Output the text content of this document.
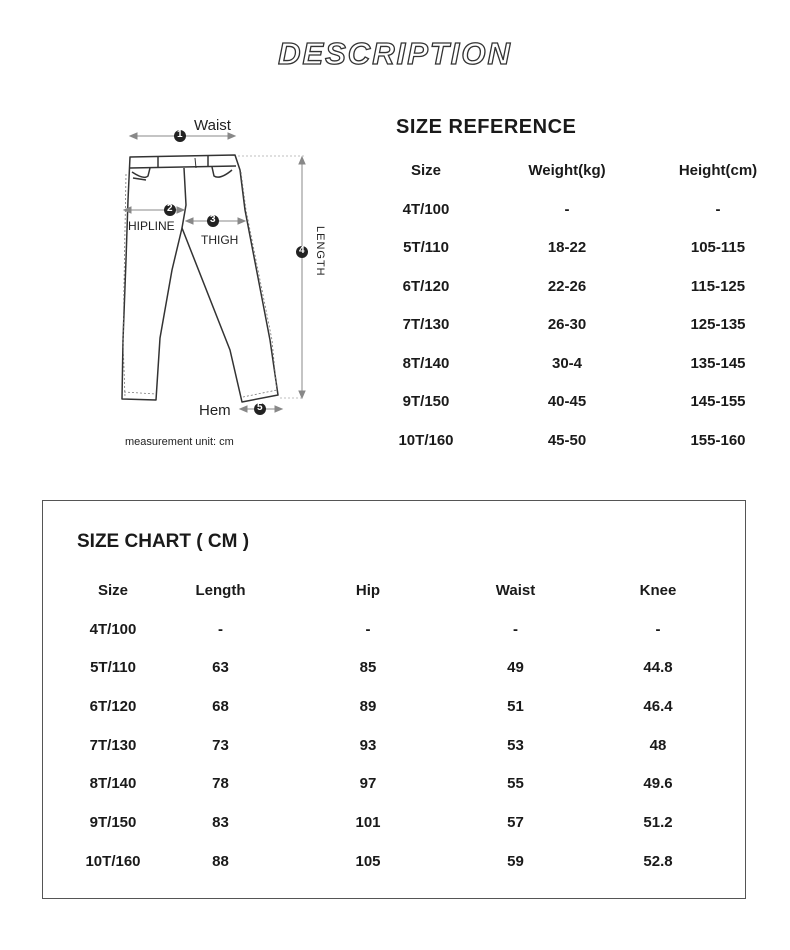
DESCRIPTION
1
2
3
4
5
Waist
HIPLINE
THIGH	LENGTH
Hem
measurement unit: cm
SIZE REFERENCE
Size	Weight(kg)	Height(cm)
4T/100	-	-
5T/110	18-22	105-115
6T/120	22-26	115-125
7T/130	26-30	125-135
8T/140	30-4	135-145
9T/150	40-45	145-155
10T/160	45-50	155-160
SIZE CHART ( CM )
Size	Length	Hip	Waist	Knee
4T/100	-	-	-	-
5T/110	63	85	49	44.8
6T/120	68	89	51	46.4
7T/130	73	93	53	48
8T/140	78	97	55	49.6
9T/150	83	101	57	51.2
10T/160	88	105	59	52.8
